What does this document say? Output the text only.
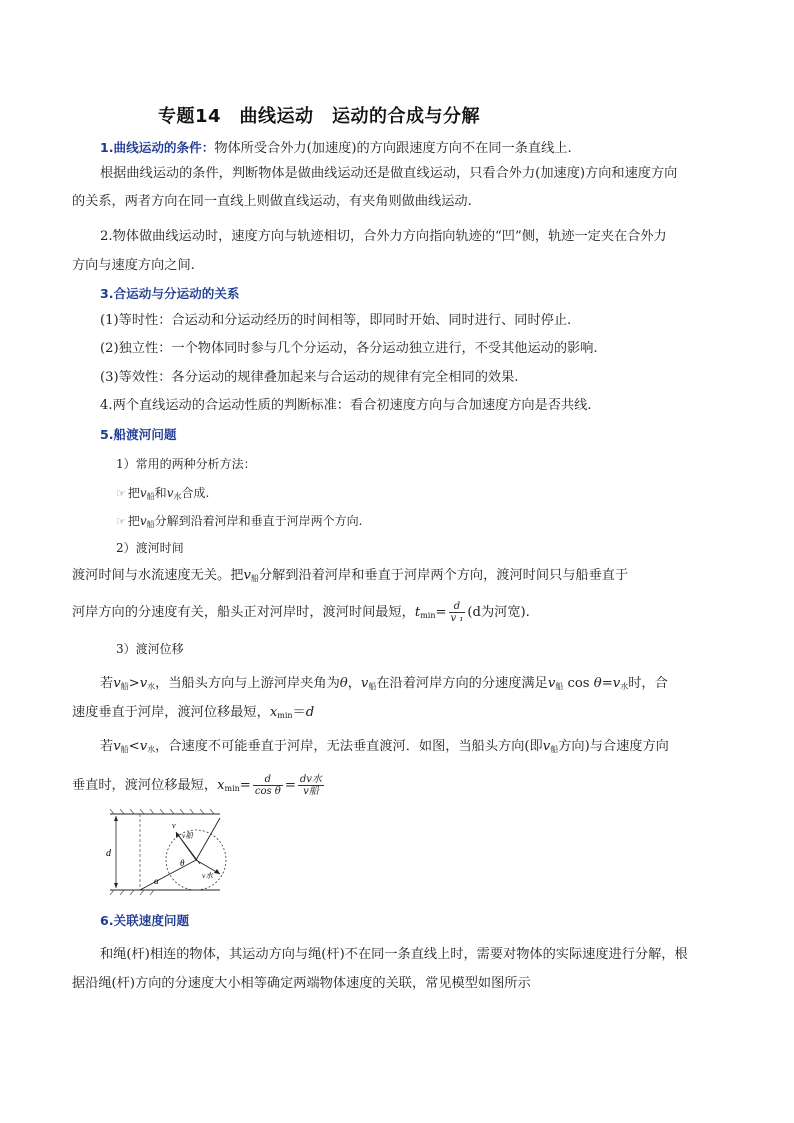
专题14　曲线运动　运动的合成与分解
1.曲线运动的条件：物体所受合外力(加速度)的方向跟速度方向不在同一条直线上.
根据曲线运动的条件，判断物体是做曲线运动还是做直线运动，只看合外力(加速度)方向和速度方向
的关系，两者方向在同一直线上则做直线运动，有夹角则做曲线运动.
2.物体做曲线运动时，速度方向与轨迹相切，合外力方向指向轨迹的“凹”侧，轨迹一定夹在合外力
方向与速度方向之间.
3.合运动与分运动的关系
(1)等时性：合运动和分运动经历的时间相等，即同时开始、同时进行、同时停止.
(2)独立性：一个物体同时参与几个分运动，各分运动独立进行，不受其他运动的影响.
(3)等效性：各分运动的规律叠加起来与合运动的规律有完全相同的效果.
4.两个直线运动的合运动性质的判断标准：看合初速度方向与合加速度方向是否共线.
5.船渡河问题
1）常用的两种分析方法：
☞ 把$v_船$和$v_水$合成.
☞ 把$v_船$分解到沿着河岸和垂直于河岸两个方向.
2）渡河时间
渡河时间与水流速度无关。把$v_船$分解到沿着河岸和垂直于河岸两个方向，渡河时间只与船垂直于
河岸方向的分速度有关，船头正对河岸时，渡河时间最短，$t_{min}= \frac{d}{\text{v ₁}} (d$为河宽).
3）渡河位移
若$v_船>v_水$，当船头方向与上游河岸夹角为θ，$v_船$在沿着河岸方向的分速度满足$v_船$ $\cos \theta=v_水$时，合
速度垂直于河岸，渡河位移最短，$x_{min}=d$
若$v_船<v_水$，合速度不可能垂直于河岸，无法垂直渡河．如图，当船头方向(即$v_船$方向)与合速度方向
垂直时，渡河位移最短，$x_{min}= \frac{d}{\text{cos θ}} = \frac{\text{dv水}}{\text{v船}}$
d
v
v船
v水
α
θ
6.关联速度问题
和绳(杆)相连的物体，其运动方向与绳(杆)不在同一条直线上时，需要对物体的实际速度进行分解，根
据沿绳(杆)方向的分速度大小相等确定两端物体速度的关联，常见模型如图所示
